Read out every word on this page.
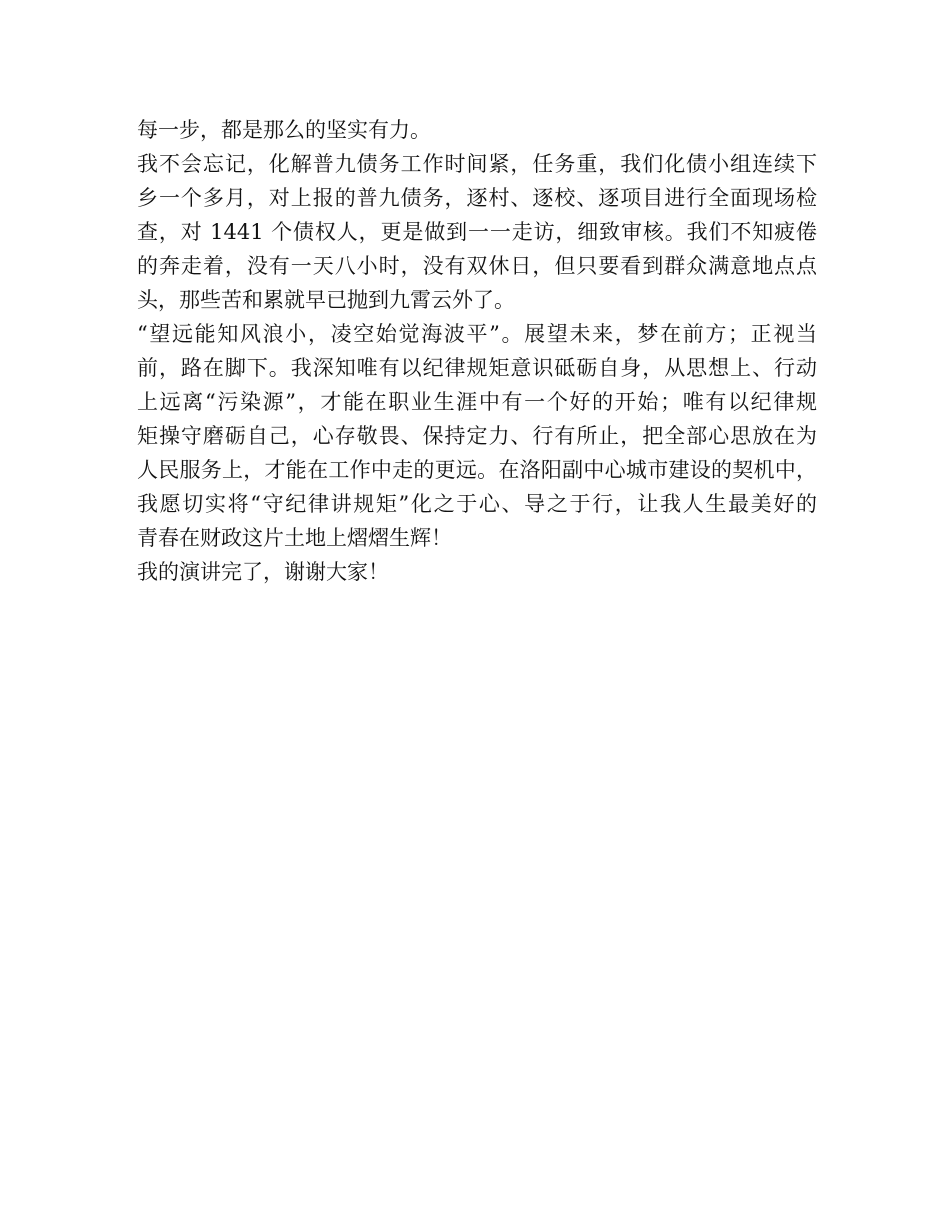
每一步，都是那么的坚实有力。
我不会忘记，化解普九债务工作时间紧，任务重，我们化债小组连续下
乡一个多月，对上报的普九债务，逐村、逐校、逐项目进行全面现场检
查，对 1441 个债权人，更是做到一一走访，细致审核。我们不知疲倦
的奔走着，没有一天八小时，没有双休日，但只要看到群众满意地点点
头，那些苦和累就早已抛到九霄云外了。
“望远能知风浪小，凌空始觉海波平”。展望未来，梦在前方；正视当
前，路在脚下。我深知唯有以纪律规矩意识砥砺自身，从思想上、行动
上远离“污染源”，才能在职业生涯中有一个好的开始；唯有以纪律规
矩操守磨砺自己，心存敬畏、保持定力、行有所止，把全部心思放在为
人民服务上，才能在工作中走的更远。在洛阳副中心城市建设的契机中，
我愿切实将“守纪律讲规矩”化之于心、导之于行，让我人生最美好的
青春在财政这片土地上熠熠生辉！
我的演讲完了，谢谢大家！
